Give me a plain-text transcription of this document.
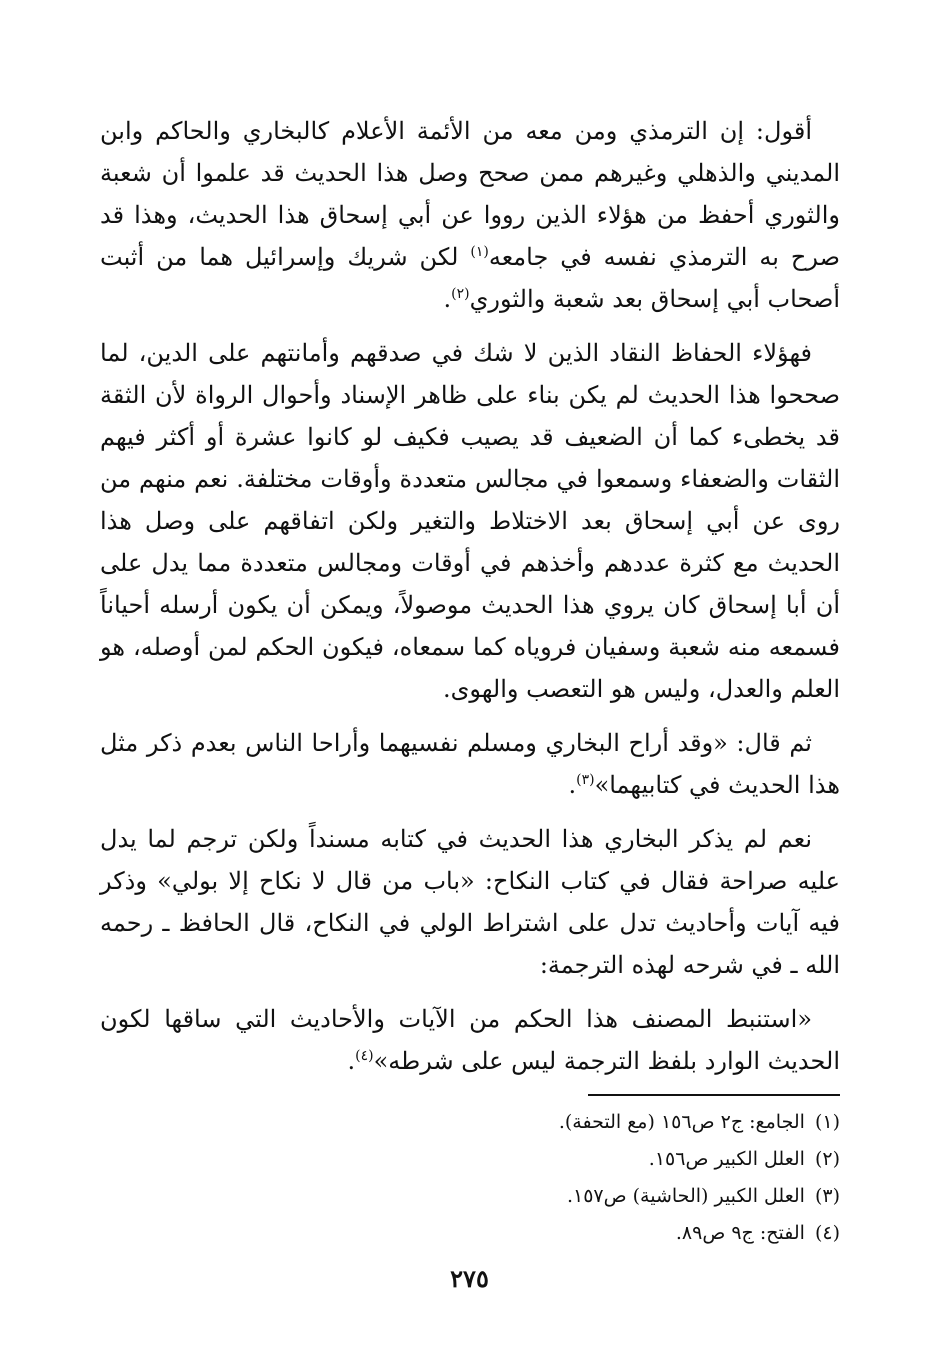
أقول: إن الترمذي ومن معه من الأئمة الأعلام كالبخاري والحاكم وابن المديني والذهلي وغيرهم ممن صحح وصل هذا الحديث قد علموا أن شعبة والثوري أحفظ من هؤلاء الذين رووا عن أبي إسحاق هذا الحديث، وهذا قد صرح به الترمذي نفسه في جامعه$^{(١)}$ لكن شريك وإسرائيل هما من أثبت أصحاب أبي إسحاق بعد شعبة والثوري$^{(٢)}$.

فهؤلاء الحفاظ النقاد الذين لا شك في صدقهم وأمانتهم على الدين، لما صححوا هذا الحديث لم يكن بناء على ظاهر الإسناد وأحوال الرواة لأن الثقة قد يخطىء كما أن الضعيف قد يصيب فكيف لو كانوا عشرة أو أكثر فيهم الثقات والضعفاء وسمعوا في مجالس متعددة وأوقات مختلفة. نعم منهم من روى عن أبي إسحاق بعد الاختلاط والتغير ولكن اتفاقهم على وصل هذا الحديث مع كثرة عددهم وأخذهم في أوقات ومجالس متعددة مما يدل على أن أبا إسحاق كان يروي هذا الحديث موصولاً، ويمكن أن يكون أرسله أحياناً فسمعه منه شعبة وسفيان فروياه كما سمعاه، فيكون الحكم لمن أوصله، هو العلم والعدل، وليس هو التعصب والهوى.

ثم قال: «وقد أراح البخاري ومسلم نفسيهما وأراحا الناس بعدم ذكر مثل هذا الحديث في كتابيهما»$^{(٣)}$.

نعم لم يذكر البخاري هذا الحديث في كتابه مسنداً ولكن ترجم لما يدل عليه صراحة فقال في كتاب النكاح: «باب من قال لا نكاح إلا بولي» وذكر فيه آيات وأحاديث تدل على اشتراط الولي في النكاح، قال الحافظ ـ رحمه الله ـ في شرحه لهذه الترجمة:

«استنبط المصنف هذا الحكم من الآيات والأحاديث التي ساقها لكون الحديث الوارد بلفظ الترجمة ليس على شرطه»$^{(٤)}$.

(١)الجامع: ج٢ ص١٥٦ (مع التحفة).

(٢)العلل الكبير ص١٥٦.

(٣)العلل الكبير (الحاشية) ص١٥٧.

(٤)الفتح: ج٩ ص٨٩.

٢٧٥
